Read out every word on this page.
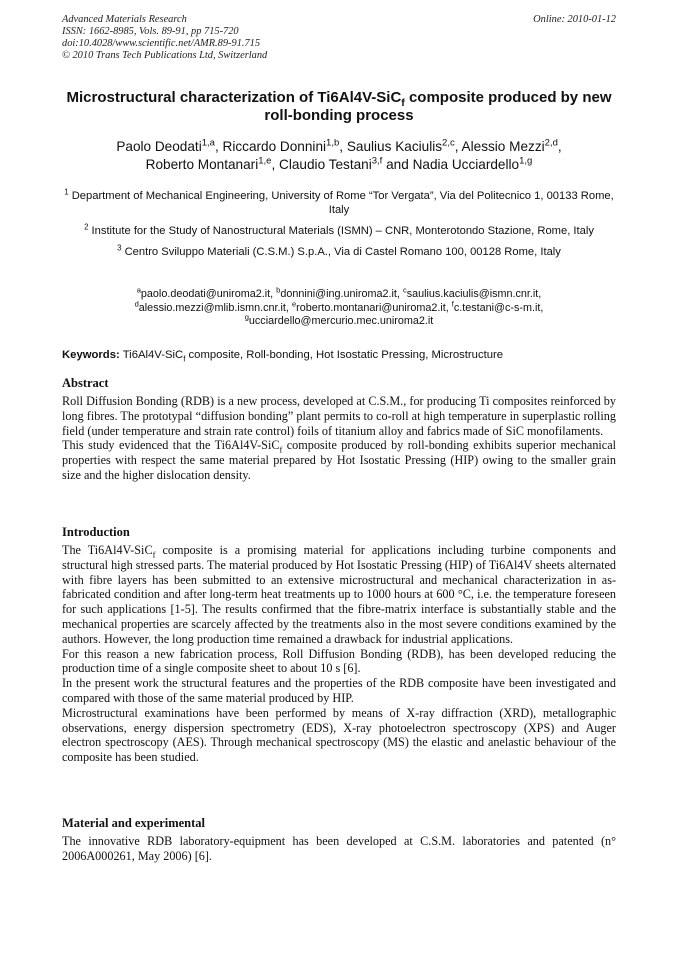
Advanced Materials Research
ISSN: 1662-8985, Vols. 89-91, pp 715-720
doi:10.4028/www.scientific.net/AMR.89-91.715
© 2010 Trans Tech Publications Ltd, Switzerland
Online: 2010-01-12
Microstructural characterization of Ti6Al4V-SiC$_f$ composite produced by new roll-bonding process
Paolo Deodati$^{1,a}$, Riccardo Donnini$^{1,b}$, Saulius Kaciulis$^{2,c}$, Alessio Mezzi$^{2,d}$,
Roberto Montanari$^{1,e}$, Claudio Testani$^{3,f}$ and Nadia Ucciardello$^{1,g}$
$^1$ Department of Mechanical Engineering, University of Rome “Tor Vergata”, Via del Politecnico 1, 00133 Rome, Italy
$^2$ Institute for the Study of Nanostructural Materials (ISMN) – CNR, Monterotondo Stazione, Rome, Italy
$^3$ Centro Sviluppo Materiali (C.S.M.) S.p.A., Via di Castel Romano 100, 00128 Rome, Italy
$^a$paolo.deodati@uniroma2.it, $^b$donnini@ing.uniroma2.it, $^c$saulius.kaciulis@ismn.cnr.it,
$^d$alessio.mezzi@mlib.ismn.cnr.it, $^e$roberto.montanari@uniroma2.it, $^f$c.testani@c-s-m.it,
$^g$ucciardello@mercurio.mec.uniroma2.it
Keywords: Ti6Al4V-SiC$_f$ composite, Roll-bonding, Hot Isostatic Pressing, Microstructure
Abstract

Roll Diffusion Bonding (RDB) is a new process, developed at C.S.M., for producing Ti composites reinforced by long fibres. The prototypal “diffusion bonding” plant permits to co-roll at high temperature in superplastic rolling field (under temperature and strain rate control) foils of titanium alloy and fabrics made of SiC monofilaments.

This study evidenced that the Ti6Al4V-SiC$_f$ composite produced by roll-bonding exhibits superior mechanical properties with respect the same material prepared by Hot Isostatic Pressing (HIP) owing to the smaller grain size and the higher dislocation density.

Introduction

The Ti6Al4V-SiC$_f$ composite is a promising material for applications including turbine components and structural high stressed parts. The material produced by Hot Isostatic Pressing (HIP) of Ti6Al4V sheets alternated with fibre layers has been submitted to an extensive microstructural and mechanical characterization in as-fabricated condition and after long-term heat treatments up to 1000 hours at 600 °C, i.e. the temperature foreseen for such applications [1-5]. The results confirmed that the fibre-matrix interface is substantially stable and the mechanical properties are scarcely affected by the treatments also in the most severe conditions examined by the authors. However, the long production time remained a drawback for industrial applications.

For this reason a new fabrication process, Roll Diffusion Bonding (RDB), has been developed reducing the production time of a single composite sheet to about 10 s [6].

In the present work the structural features and the properties of the RDB composite have been investigated and compared with those of the same material produced by HIP.

Microstructural examinations have been performed by means of X-ray diffraction (XRD), metallographic observations, energy dispersion spectrometry (EDS), X-ray photoelectron spectroscopy (XPS) and Auger electron spectroscopy (AES). Through mechanical spectroscopy (MS) the elastic and anelastic behaviour of the composite has been studied.

Material and experimental

The innovative RDB laboratory-equipment has been developed at C.S.M. laboratories and patented (n° 2006A000261, May 2006) [6].
